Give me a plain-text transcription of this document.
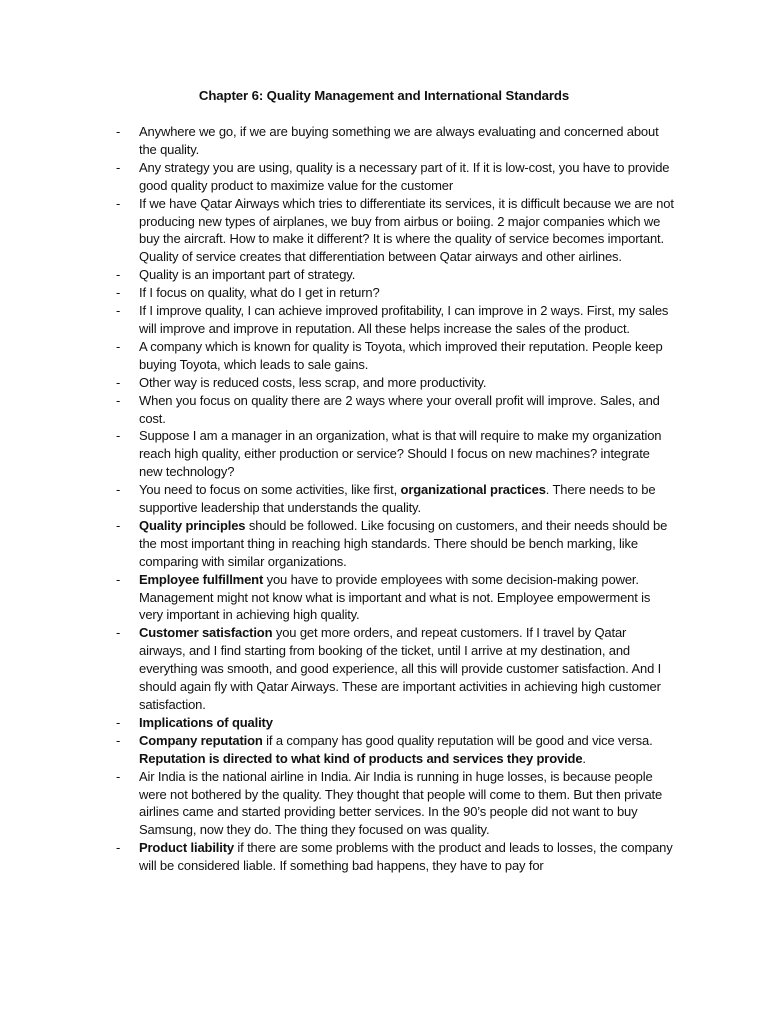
Chapter 6: Quality Management and International Standards
- Anywhere we go, if we are buying something we are always evaluating and concerned about the quality.
- Any strategy you are using, quality is a necessary part of it. If it is low-cost, you have to provide good quality product to maximize value for the customer
- If we have Qatar Airways which tries to differentiate its services, it is difficult because we are not producing new types of airplanes, we buy from airbus or boiing. 2 major companies which we buy the aircraft. How to make it different? It is where the quality of service becomes important. Quality of service creates that differentiation between Qatar airways and other airlines.
- Quality is an important part of strategy.
- If I focus on quality, what do I get in return?
- If I improve quality, I can achieve improved profitability, I can improve in 2 ways. First, my sales will improve and improve in reputation. All these helps increase the sales of the product.
- A company which is known for quality is Toyota, which improved their reputation. People keep buying Toyota, which leads to sale gains.
- Other way is reduced costs, less scrap, and more productivity.
- When you focus on quality there are 2 ways where your overall profit will improve. Sales, and cost.
- Suppose I am a manager in an organization, what is that will require to make my organization reach high quality, either production or service? Should I focus on new machines? integrate new technology?
- You need to focus on some activities, like first, organizational practices. There needs to be supportive leadership that understands the quality.
- Quality principles should be followed. Like focusing on customers, and their needs should be the most important thing in reaching high standards. There should be bench marking, like comparing with similar organizations.
- Employee fulfillment you have to provide employees with some decision-making power. Management might not know what is important and what is not. Employee empowerment is very important in achieving high quality.
- Customer satisfaction you get more orders, and repeat customers. If I travel by Qatar airways, and I find starting from booking of the ticket, until I arrive at my destination, and everything was smooth, and good experience, all this will provide customer satisfaction. And I should again fly with Qatar Airways. These are important activities in achieving high customer satisfaction.
- Implications of quality
- Company reputation if a company has good quality reputation will be good and vice versa. Reputation is directed to what kind of products and services they provide.
- Air India is the national airline in India. Air India is running in huge losses, is because people were not bothered by the quality. They thought that people will come to them. But then private airlines came and started providing better services. In the 90’s people did not want to buy Samsung, now they do. The thing they focused on was quality.
- Product liability if there are some problems with the product and leads to losses, the company will be considered liable. If something bad happens, they have to pay for
